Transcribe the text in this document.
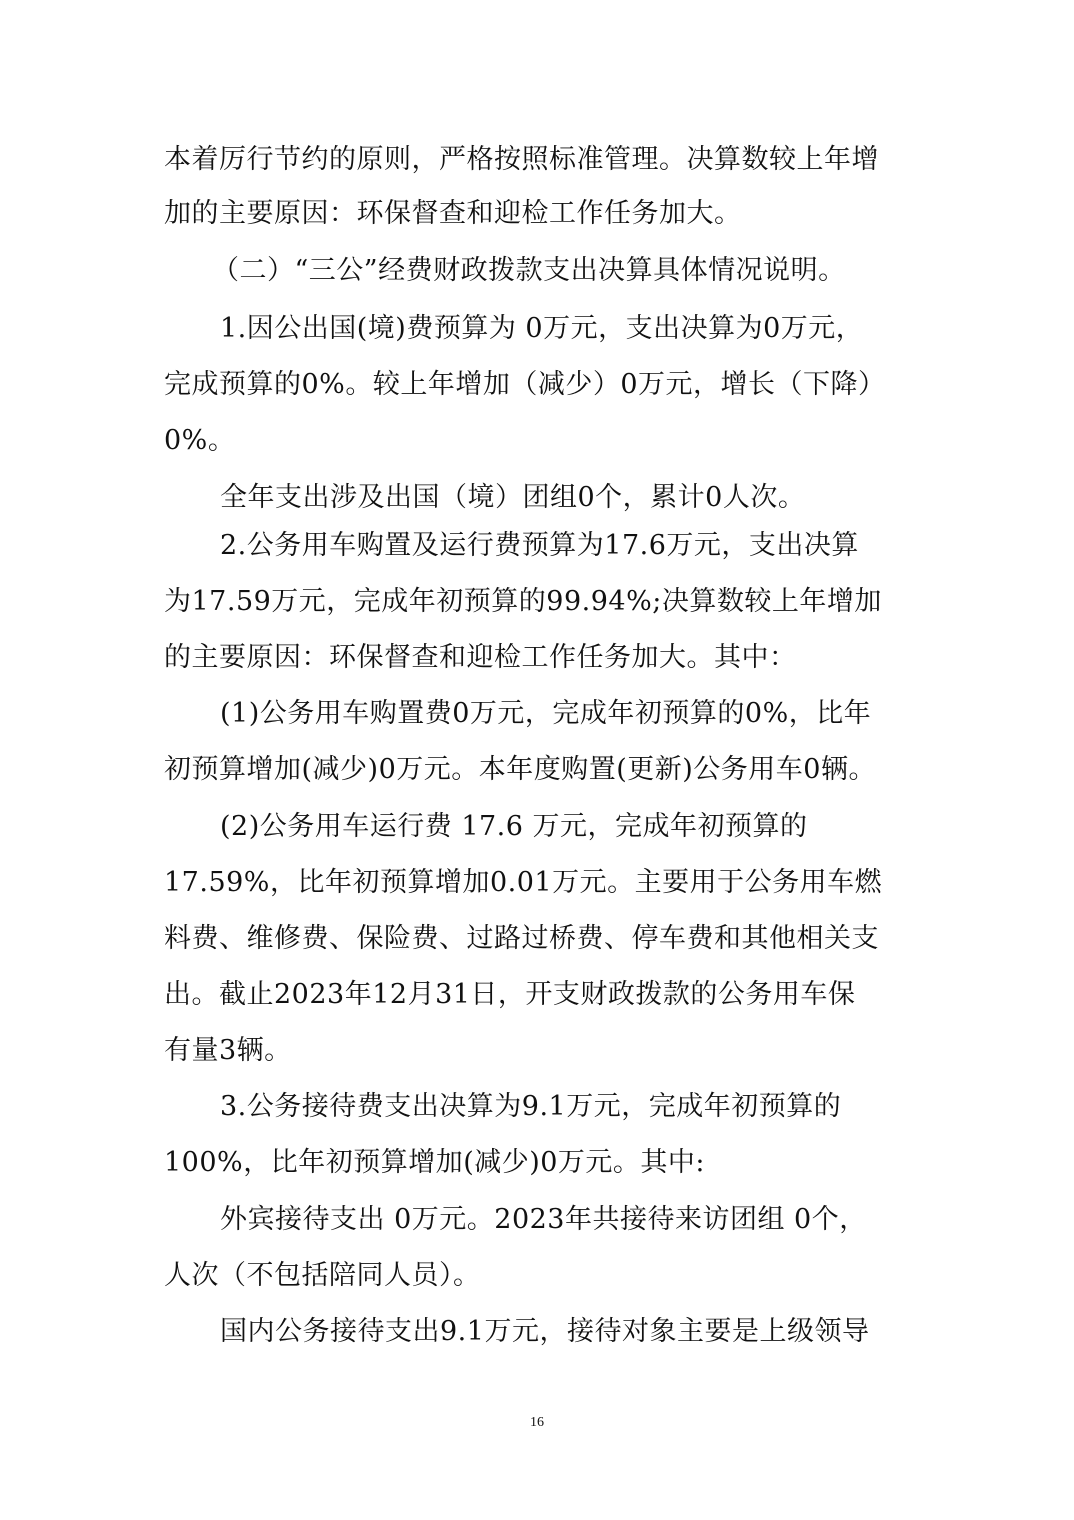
本着厉行节约的原则，严格按照标准管理。决算数较上年增
加的主要原因：环保督查和迎检工作任务加大。
（二）“三公”经费财政拨款支出决算具体情况说明。
1.因公出国(境)费预算为 0万元，支出决算为0万元，
完成预算的0%。较上年增加（减少）0万元，增长（下降）
0%。
全年支出涉及出国（境）团组0个，累计0人次。
2.公务用车购置及运行费预算为17.6万元，支出决算
为17.59万元，完成年初预算的99.94%;决算数较上年增加
的主要原因：环保督查和迎检工作任务加大。其中：
(1)公务用车购置费0万元，完成年初预算的0%，比年
初预算增加(减少)0万元。本年度购置(更新)公务用车0辆。
(2)公务用车运行费 17.6 万元，完成年初预算的
17.59%，比年初预算增加0.01万元。主要用于公务用车燃
料费、维修费、保险费、过路过桥费、停车费和其他相关支
出。截止2023年12月31日，开支财政拨款的公务用车保
有量3辆。
3.公务接待费支出决算为9.1万元，完成年初预算的
100%，比年初预算增加(减少)0万元。其中:
外宾接待支出 0万元。2023年共接待来访团组 0个，
人次（不包括陪同人员）。
国内公务接待支出9.1万元，接待对象主要是上级领导
16
